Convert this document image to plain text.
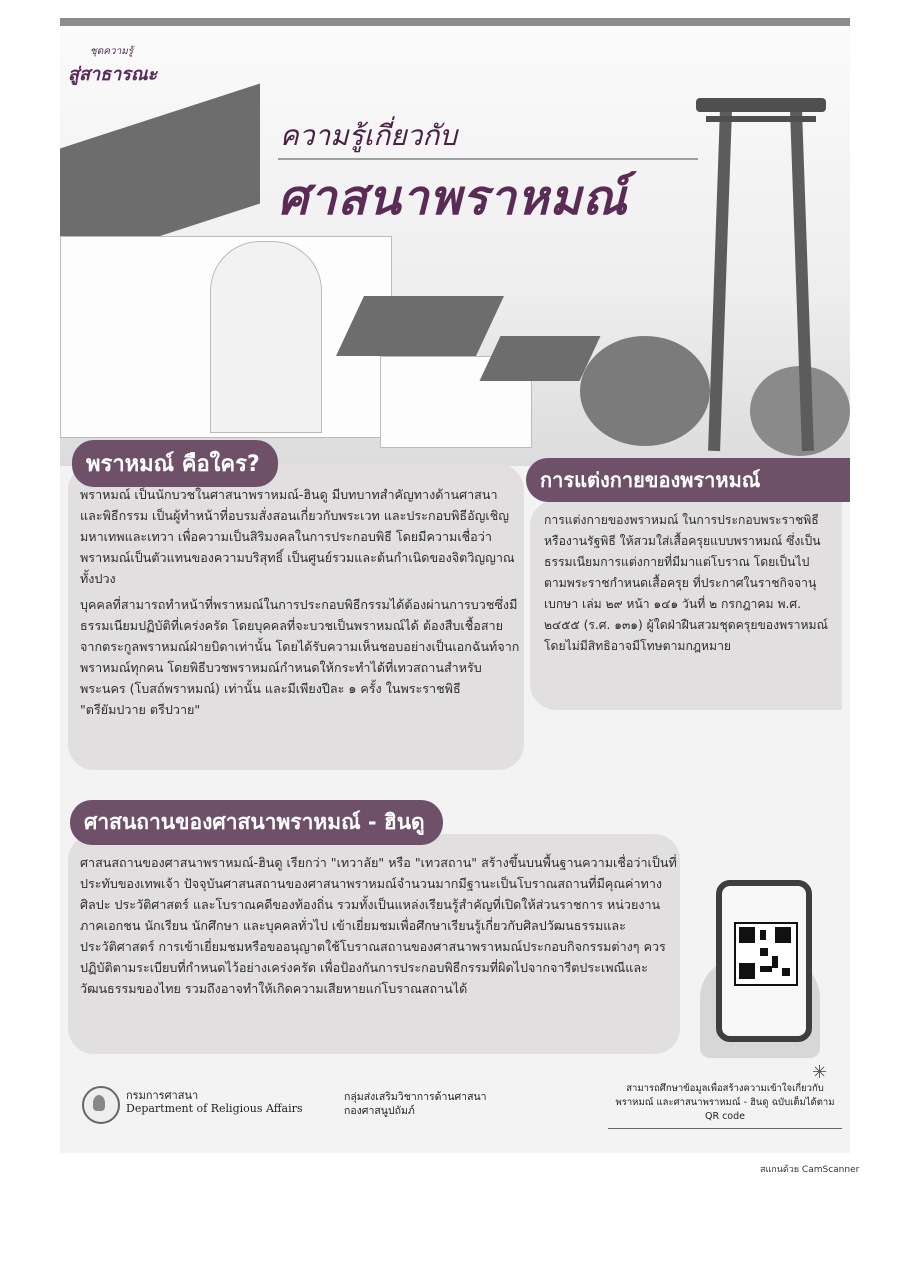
ชุดความรู้
สู่สาธารณะ
ความรู้เกี่ยวกับ
ศาสนาพราหมณ์
พราหมณ์ คือใคร?
การแต่งกายของพราหมณ์
ศาสนถานของศาสนาพราหมณ์ - ฮินดู
พราหมณ์ เป็นนักบวชในศาสนาพราหมณ์-ฮินดู มีบทบาทสำคัญทางด้านศาสนาและพิธีกรรม เป็นผู้ทำหน้าที่อบรมสั่งสอนเกี่ยวกับพระเวท และประกอบพิธีอัญเชิญมหาเทพและเทวา เพื่อความเป็นสิริมงคลในการประกอบพิธี โดยมีความเชื่อว่าพราหมณ์เป็นตัวแทนของความบริสุทธิ์ เป็นศูนย์รวมและต้นกำเนิดของจิตวิญญาณทั้งปวง
บุคคลที่สามารถทำหน้าที่พราหมณ์ในการประกอบพิธีกรรมได้ต้องผ่านการบวชซึ่งมีธรรมเนียมปฏิบัติที่เคร่งครัด โดยบุคคลที่จะบวชเป็นพราหมณ์ได้ ต้องสืบเชื้อสายจากตระกูลพราหมณ์ฝ่ายบิดาเท่านั้น โดยได้รับความเห็นชอบอย่างเป็นเอกฉันท์จากพราหมณ์ทุกคน โดยพิธีบวชพราหมณ์กำหนดให้กระทำได้ที่เทวสถานสำหรับพระนคร (โบสถ์พราหมณ์) เท่านั้น และมีเพียงปีละ ๑ ครั้ง ในพระราชพิธี "ตรียัมปวาย ตรีปวาย"
การแต่งกายของพราหมณ์ ในการประกอบพระราชพิธีหรืองานรัฐพิธี ให้สวมใส่เสื้อครุยแบบพราหมณ์ ซึ่งเป็นธรรมเนียมการแต่งกายที่มีมาแต่โบราณ โดยเป็นไปตามพระราชกำหนดเสื้อครุย ที่ประกาศในราชกิจจานุเบกษา เล่ม ๒๙ หน้า ๑๔๑ วันที่ ๒ กรกฎาคม พ.ศ. ๒๔๕๕ (ร.ศ. ๑๓๑) ผู้ใดฝ่าฝืนสวมชุดครุยของพราหมณ์โดยไม่มีสิทธิอาจมีโทษตามกฎหมาย
ศาสนสถานของศาสนาพราหมณ์-ฮินดู เรียกว่า "เทวาลัย" หรือ "เทวสถาน" สร้างขึ้นบนพื้นฐานความเชื่อว่าเป็นที่ประทับของเทพเจ้า ปัจจุบันศาสนสถานของศาสนาพราหมณ์จำนวนมากมีฐานะเป็นโบราณสถานที่มีคุณค่าทางศิลปะ ประวัติศาสตร์ และโบราณคดีของท้องถิ่น รวมทั้งเป็นแหล่งเรียนรู้สำคัญที่เปิดให้ส่วนราชการ หน่วยงาน ภาคเอกชน นักเรียน นักศึกษา และบุคคลทั่วไป เข้าเยี่ยมชมเพื่อศึกษาเรียนรู้เกี่ยวกับศิลปวัฒนธรรมและประวัติศาสตร์ การเข้าเยี่ยมชมหรือขออนุญาตใช้โบราณสถานของศาสนาพราหมณ์ประกอบกิจกรรมต่างๆ ควรปฏิบัติตามระเบียบที่กำหนดไว้อย่างเคร่งครัด เพื่อป้องกันการประกอบพิธีกรรมที่ผิดไปจากจารีตประเพณีและวัฒนธรรมของไทย รวมถึงอาจทำให้เกิดความเสียหายแก่โบราณสถานได้
กรมการศาสนา
Department of Religious Affairs
กลุ่มส่งเสริมวิชาการด้านศาสนา
กองศาสนูปถัมภ์
สามารถศึกษาข้อมูลเพื่อสร้างความเข้าใจเกี่ยวกับพราหมณ์ และศาสนาพราหมณ์ - ฮินดู ฉบับเต็มได้ตาม QR code
✳
สแกนด้วย CamScanner
